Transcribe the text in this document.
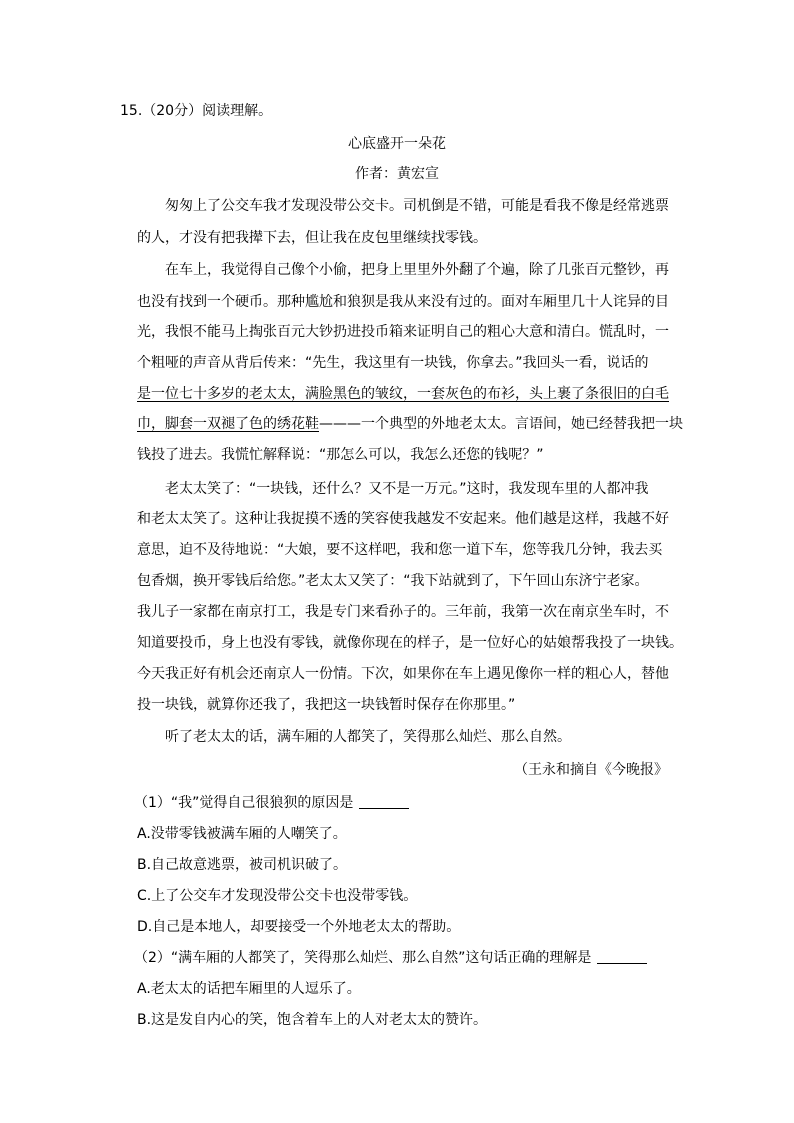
15.（20分）阅读理解。
心底盛开一朵花
作者：黄宏宣
匆匆上了公交车我才发现没带公交卡。司机倒是不错，可能是看我不像是经常逃票
的人，才没有把我撵下去，但让我在皮包里继续找零钱。
在车上，我觉得自己像个小偷，把身上里里外外翻了个遍，除了几张百元整钞，再
也没有找到一个硬币。那种尴尬和狼狈是我从来没有过的。面对车厢里几十人诧异的目
光，我恨不能马上掏张百元大钞扔进投币箱来证明自己的粗心大意和清白。慌乱时，一
个粗哑的声音从背后传来：“先生，我这里有一块钱，你拿去。”我回头一看，说话的
是一位七十多岁的老太太，满脸黑色的皱纹，一套灰色的布衫，头上裹了条很旧的白毛
巾，脚套一双褪了色的绣花鞋———一个典型的外地老太太。言语间，她已经替我把一块
钱投了进去。我慌忙解释说：“那怎么可以，我怎么还您的钱呢？”
老太太笑了：“一块钱，还什么？又不是一万元。”这时，我发现车里的人都冲我
和老太太笑了。这种让我捉摸不透的笑容使我越发不安起来。他们越是这样，我越不好
意思，迫不及待地说：“大娘，要不这样吧，我和您一道下车，您等我几分钟，我去买
包香烟，换开零钱后给您。”老太太又笑了：“我下站就到了，下午回山东济宁老家。
我儿子一家都在南京打工，我是专门来看孙子的。三年前，我第一次在南京坐车时，不
知道要投币，身上也没有零钱，就像你现在的样子，是一位好心的姑娘帮我投了一块钱。
今天我正好有机会还南京人一份情。下次，如果你在车上遇见像你一样的粗心人，替他
投一块钱，就算你还我了，我把这一块钱暂时保存在你那里。”
听了老太太的话，满车厢的人都笑了，笑得那么灿烂、那么自然。
（王永和摘自《今晚报》
（1）“我”觉得自己很狼狈的原因是
A.没带零钱被满车厢的人嘲笑了。
B.自己故意逃票，被司机识破了。
C.上了公交车才发现没带公交卡也没带零钱。
D.自己是本地人，却要接受一个外地老太太的帮助。
（2）“满车厢的人都笑了，笑得那么灿烂、那么自然”这句话正确的理解是
A.老太太的话把车厢里的人逗乐了。
B.这是发自内心的笑，饱含着车上的人对老太太的赞许。
